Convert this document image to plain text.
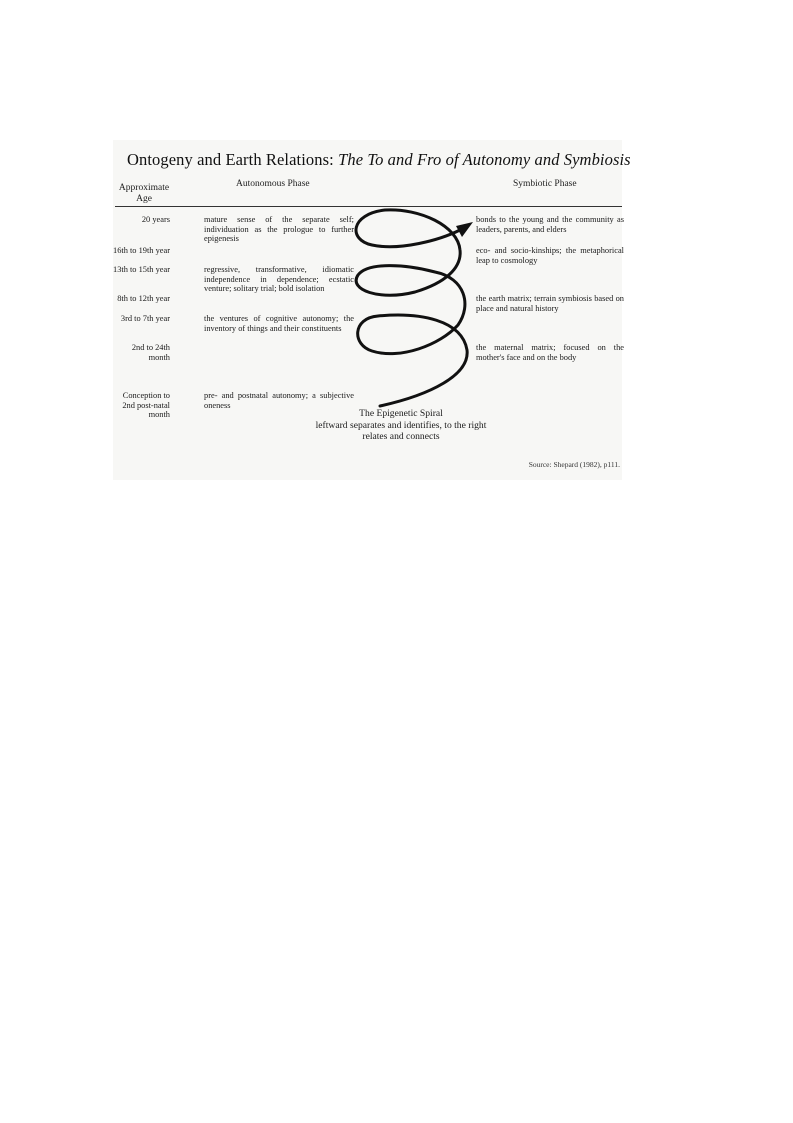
Ontogeny and Earth Relations: The To and Fro of Autonomy and Symbiosis
Approximate Age
Autonomous Phase	Symbiotic Phase
20 years
16th to 19th year
13th to 15th year
8th to 12th year
3rd to 7th year
2nd to 24th month
Conception to 2nd post-natal month
mature sense of the separate self; individuation as the prologue to further epigenesis
regressive, transformative, idiomatic independence in dependence; ecstatic venture; solitary trial; bold isolation
the ventures of cognitive autonomy; the inventory of things and their constituents
pre- and postnatal autonomy; a subjective oneness
bonds to the young and the community as leaders, parents, and elders
eco- and socio-kinships; the metaphorical leap to cosmology
the earth matrix; terrain symbiosis based on place and natural history
the maternal matrix; focused on the mother's face and on the body
The Epigenetic Spiral
leftward separates and identifies, to the right relates and connects
Source: Shepard (1982), p111.
